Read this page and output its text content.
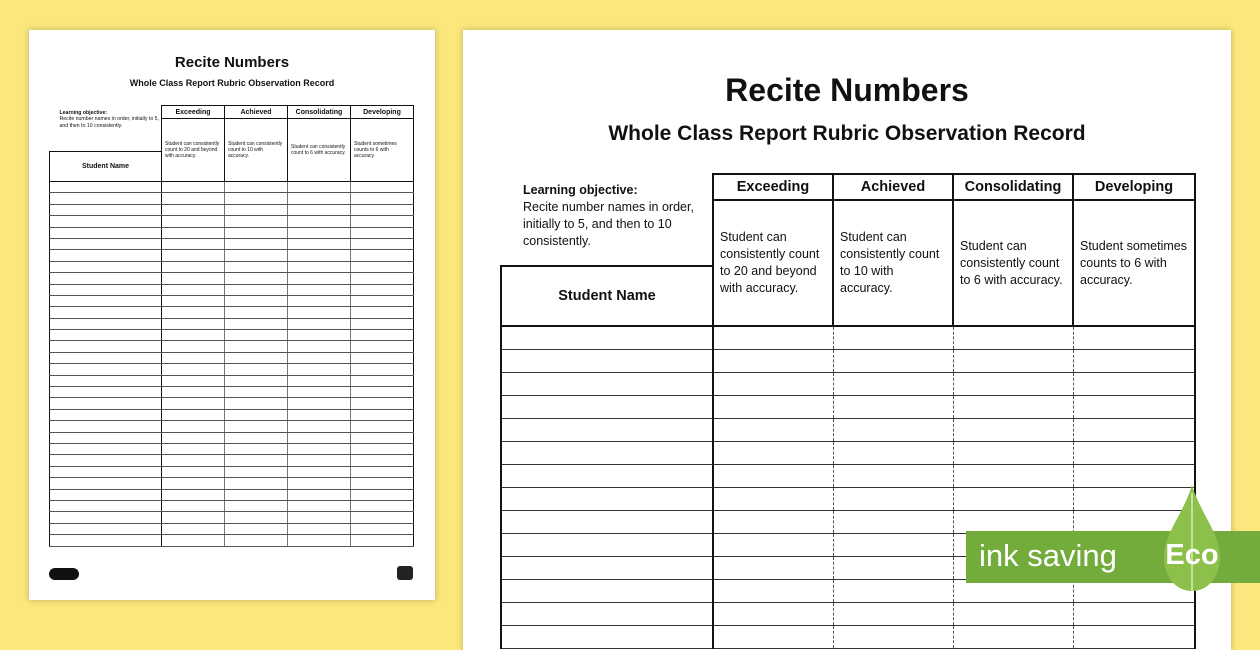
Recite Numbers
Whole Class Report Rubric Observation Record
Learning objective:
Recite number names in order, initially to 5, and then to 10 consistently.	Exceeding	Achieved	Consolidating	Developing
	Student can consistently count to 20 and beyond with accuracy.	Student can consistently count to 10 with accuracy.	Student can consistently count to 6 with accuracy.	Student sometimes counts to 6 with accuracy.
Student Name				

Recite Numbers
Whole Class Report Rubric Observation Record
Learning objective:
Recite number names in order, initially to 5, and then to 10 consistently.	Exceeding	Achieved	Consolidating	Developing
	Student can consistently count to 20 and beyond with accuracy.	Student can consistently count to 10 with accuracy.	Student can consistently count to 6 with accuracy.	Student sometimes counts to 6 with accuracy.
Student Name				

ink saving	Eco
